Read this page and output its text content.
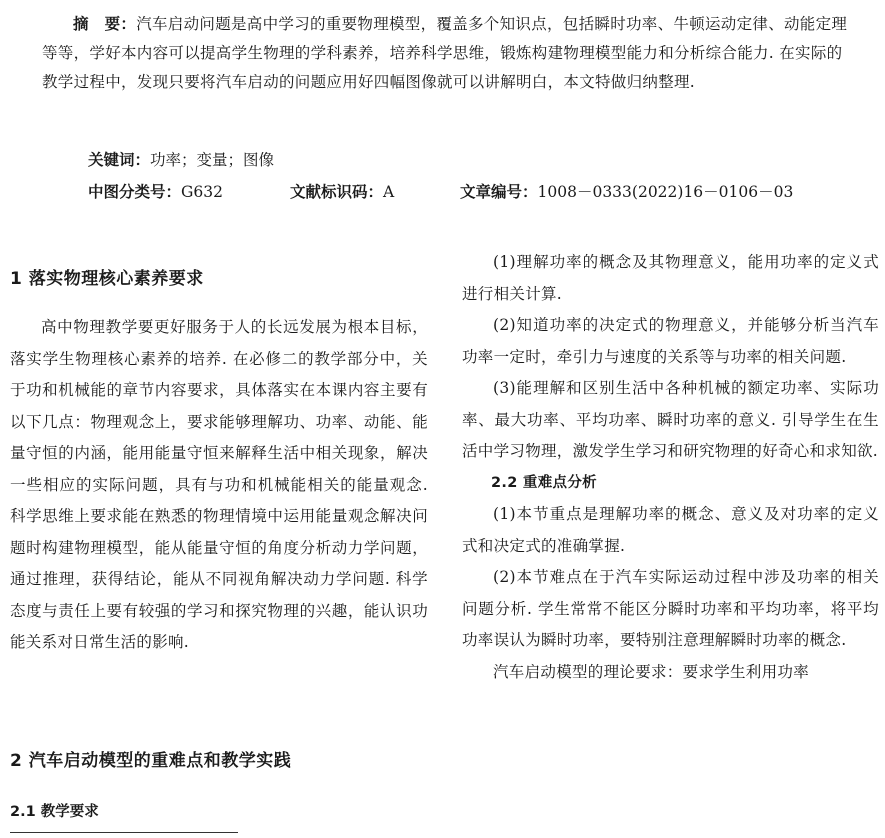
摘　要：汽车启动问题是高中学习的重要物理模型，覆盖多个知识点，包括瞬时功率、牛顿运动定律、动能定理等等，学好本内容可以提高学生物理的学科素养，培养科学思维，锻炼构建物理模型能力和分析综合能力. 在实际的教学过程中，发现只要将汽车启动的问题应用好四幅图像就可以讲解明白，本文特做归纳整理.
关键词：功率；变量；图像
中图分类号：G632	文献标识码：A	文章编号：1008－0333(2022)16－0106－03
1 落实物理核心素养要求

高中物理教学要更好服务于人的长远发展为根本目标，落实学生物理核心素养的培养. 在必修二的教学部分中，关于功和机械能的章节内容要求，具体落实在本课内容主要有以下几点：物理观念上，要求能够理解功、功率、动能、能量守恒的内涵，能用能量守恒来解释生活中相关现象，解决一些相应的实际问题，具有与功和机械能相关的能量观念. 科学思维上要求能在熟悉的物理情境中运用能量观念解决问题时构建物理模型，能从能量守恒的角度分析动力学问题，通过推理，获得结论，能从不同视角解决动力学问题. 科学态度与责任上要有较强的学习和探究物理的兴趣，能认识功能关系对日常生活的影响.

2 汽车启动模型的重难点和教学实践
2.1 教学要求

(1)理解功率的概念及其物理意义，能用功率的定义式进行相关计算.

(2)知道功率的决定式的物理意义，并能够分析当汽车功率一定时，牵引力与速度的关系等与功率的相关问题.

(3)能理解和区别生活中各种机械的额定功率、实际功率、最大功率、平均功率、瞬时功率的意义. 引导学生在生活中学习物理，激发学生学习和研究物理的好奇心和求知欲.

2.2 重难点分析

(1)本节重点是理解功率的概念、意义及对功率的定义式和决定式的准确掌握.

(2)本节难点在于汽车实际运动过程中涉及功率的相关问题分析. 学生常常不能区分瞬时功率和平均功率，将平均功率误认为瞬时功率，要特别注意理解瞬时功率的概念.

汽车启动模型的理论要求：要求学生利用功率
